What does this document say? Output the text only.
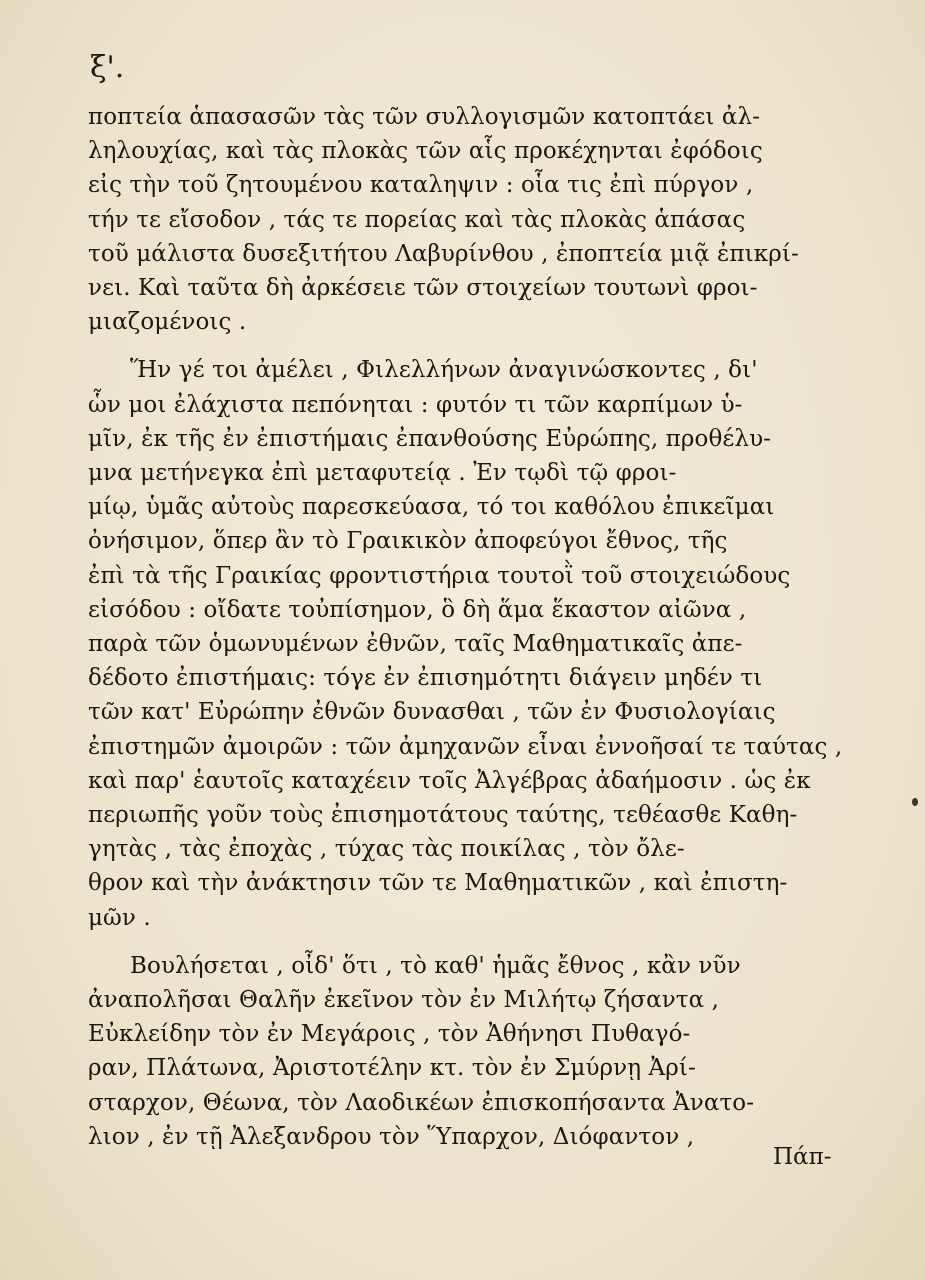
ξ'.
ποπτεία ἁπασασῶν τὰς τῶν συλλογισμῶν κατοπτάει ἀλ-
ληλουχίας, καὶ τὰς πλοκὰς τῶν αἷς προκέχηνται ἐφόδοις
εἰς τὴν τοῦ ζητουμένου καταληψιν : οἷα τις ἐπὶ πύργον ,
τήν τε εἴσοδον , τάς τε πορείας καὶ τὰς πλοκὰς ἁπάσας
τοῦ μάλιστα δυσεξιτήτου Λαβυρίνθου , ἐποπτεία μιᾷ ἐπικρί-
νει. Καὶ ταῦτα δὴ ἀρκέσειε τῶν στοιχείων τουτωνὶ φροι-
μιαζομένοις .
Ἥν γέ τοι ἀμέλει , Φιλελλήνων ἀναγινώσκοντες , δι'
ὧν μοι ἐλάχιστα πεπόνηται : φυτόν τι τῶν καρπίμων ὑ-
μῖν, ἐκ τῆς ἐν ἐπιστήμαις ἐπανθούσης Εὐρώπης, προθέλυ-
μνα μετήνεγκα ἐπὶ μεταφυτείᾳ . Ἐν τῳδὶ τῷ φροι-
μίῳ, ὑμᾶς αὐτοὺς παρεσκεύασα, τό τοι καθόλου ἐπικεῖμαι
ὀνήσιμον, ὅπερ ἂν τὸ Γραικικὸν ἀποφεύγοι ἔθνος, τῆς
ἐπὶ τὰ τῆς Γραικίας φροντιστήρια τουτοῒ τοῦ στοιχειώδους
εἰσόδου : οἴδατε τοὐπίσημον, ὃ δὴ ἅμα ἕκαστον αἰῶνα ,
παρὰ τῶν ὁμωνυμένων ἐθνῶν, ταῖς Μαθηματικαῖς ἀπε-
δέδοτο ἐπιστήμαις: τόγε ἐν ἐπισημότητι διάγειν μηδέν τι
τῶν κατ' Εὐρώπην ἐθνῶν δυνασθαι , τῶν ἐν Φυσιολογίαις
ἐπιστημῶν ἀμοιρῶν : τῶν ἀμηχανῶν εἶναι ἐννοῆσαί τε ταύτας ,
καὶ παρ' ἑαυτοῖς καταχέειν τοῖς Ἀλγέβρας ἀδαήμοσιν . ὡς ἐκ
περιωπῆς γοῦν τοὺς ἐπισημοτάτους ταύτης, τεθέασθε Καθη-
γητὰς , τὰς ἐποχὰς , τύχας τὰς ποικίλας , τὸν ὄλε-
θρον καὶ τὴν ἀνάκτησιν τῶν τε Μαθηματικῶν , καὶ ἐπιστη-
μῶν .
Βουλήσεται , οἶδ' ὅτι , τὸ καθ' ἡμᾶς ἔθνος , κἂν νῦν
ἀναπολῆσαι Θαλῆν ἐκεῖνον τὸν ἐν Μιλήτῳ ζήσαντα ,
Εὐκλείδην τὸν ἐν Μεγάροις , τὸν Ἀθήνησι Πυθαγό-
ραν, Πλάτωνα, Ἀριστοτέλην κτ. τὸν ἐν Σμύρνῃ Ἀρί-
σταρχον, Θέωνα, τὸν Λαοδικέων ἐπισκοπήσαντα Ἀνατο-
λιον , ἐν τῇ Ἀλεξανδρου τὸν Ὕπαρχον, Διόφαντον ,
Πάπ-
